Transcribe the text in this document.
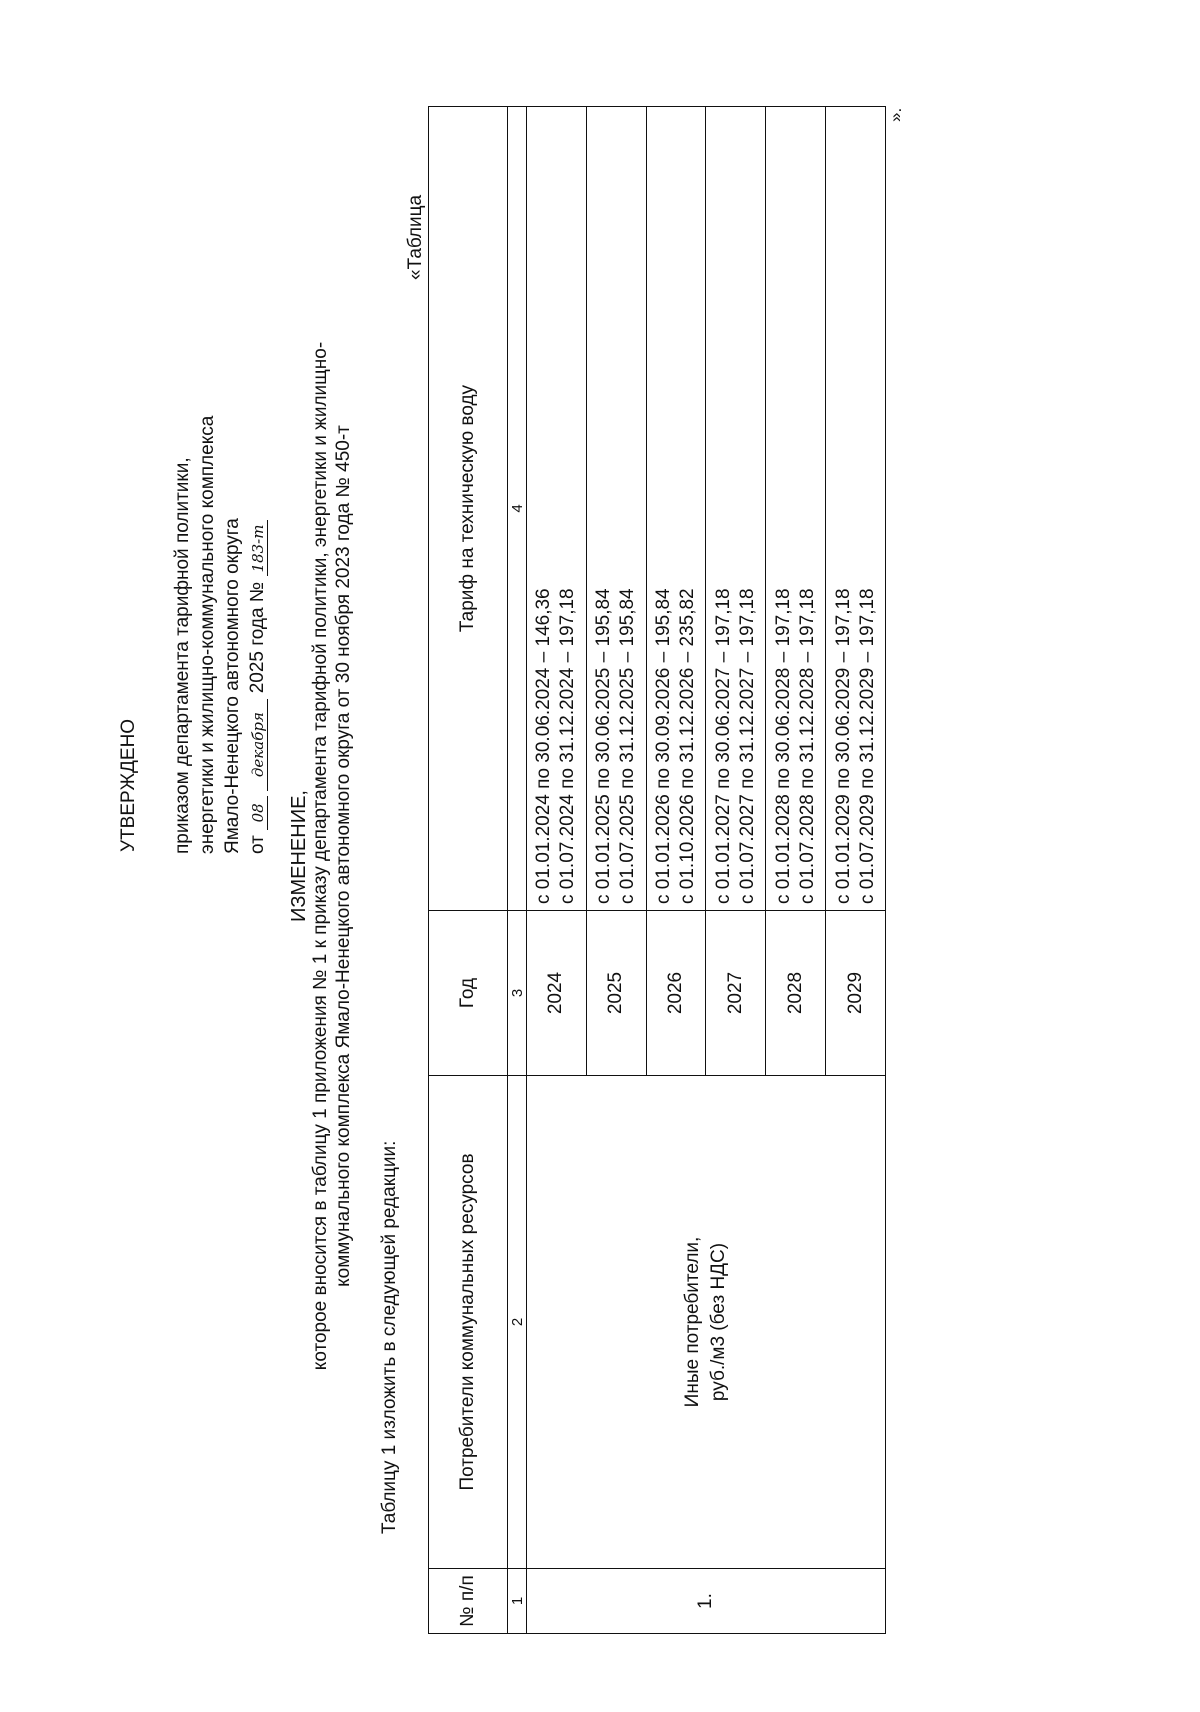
УТВЕРЖДЕНО приказом департамента тарифной политики, энергетики и жилищно-коммунального комплекса Ямало-Ненецкого автономного округа от 08 декабря 2025 года № 183-т
ИЗМЕНЕНИЕ, которое вносится в таблицу 1 приложения № 1 к приказу департамента тарифной политики, энергетики и жилищно- коммунального комплекса Ямало-Ненецкого автономного округа от 30 ноября 2023 года № 450-т
Таблицу 1 изложить в следующей редакции:
«Таблица
№ п/п	Потребители коммунальных ресурсов	Год	Тариф на техническую воду
1	2	3	4
1.	Иные потребители, руб./м3 (без НДС)	2024	с 01.01.2024 по 30.06.2024 – 146,36 с 01.07.2024 по 31.12.2024 – 197,18

		2025	с 01.01.2025 по 30.06.2025 – 195,84 с 01.07.2025 по 31.12.2025 – 195,84

		2026	с 01.01.2026 по 30.09.2026 – 195,84 с 01.10.2026 по 31.12.2026 – 235,82

		2027	с 01.01.2027 по 30.06.2027 – 197,18 с 01.07.2027 по 31.12.2027 – 197,18

		2028	с 01.01.2028 по 30.06.2028 – 197,18 с 01.07.2028 по 31.12.2028 – 197,18

		2029	с 01.01.2029 по 30.06.2029 – 197,18 с 01.07.2029 по 31.12.2029 – 197,18
».
